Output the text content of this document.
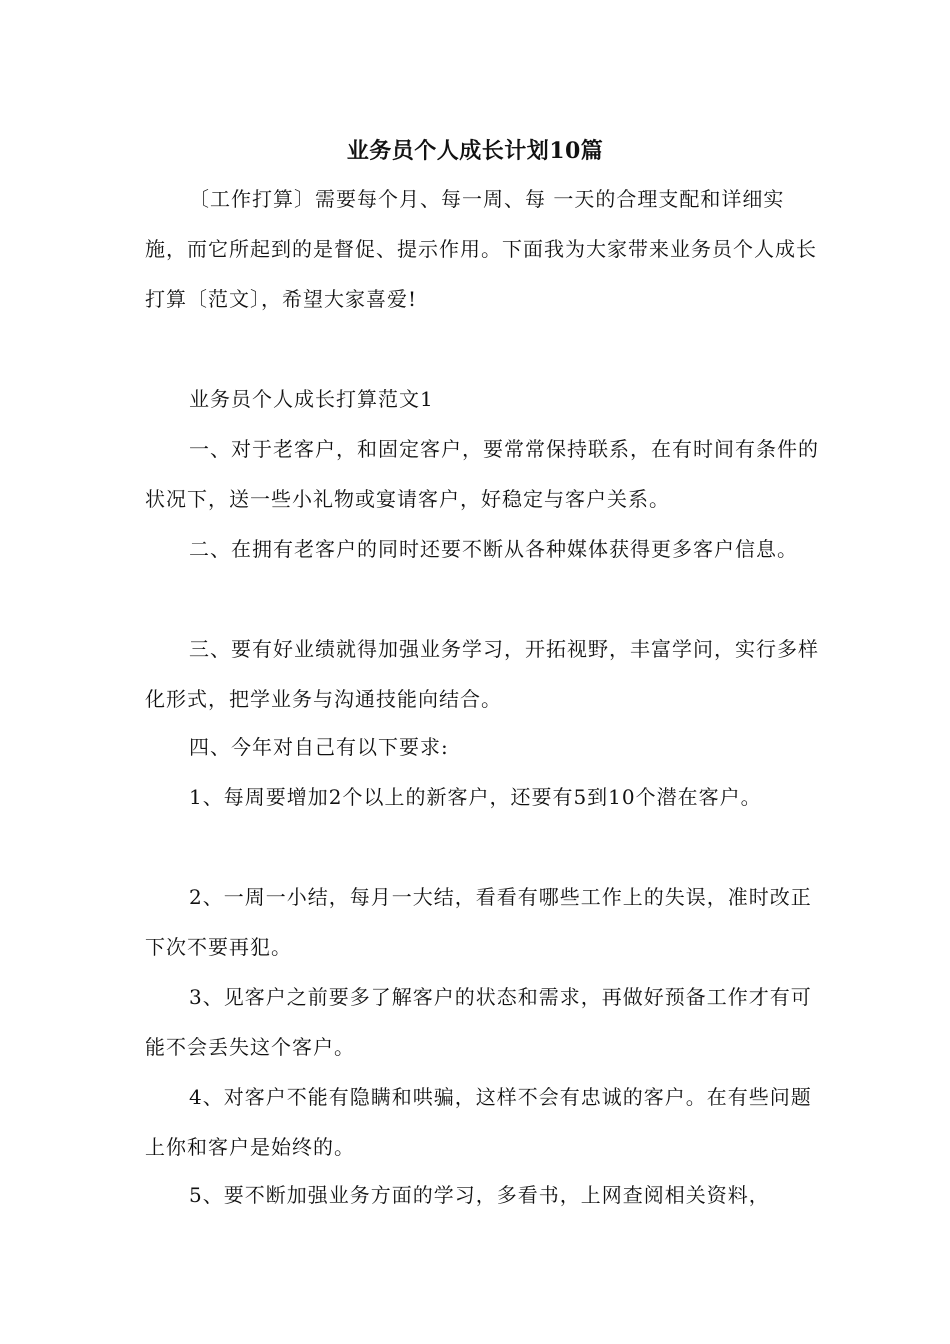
业务员个人成长计划10篇

〔工作打算〕需要每个月、每一周、每 一天的合理支配和详细实施，而它所起到的是督促、提示作用。下面我为大家带来业务员个人成长打算〔范文〕，希望大家喜爱!

业务员个人成长打算范文1

一、对于老客户，和固定客户，要常常保持联系，在有时间有条件的状况下，送一些小礼物或宴请客户，好稳定与客户关系。

二、在拥有老客户的同时还要不断从各种媒体获得更多客户信息。

三、要有好业绩就得加强业务学习，开拓视野，丰富学问，实行多样化形式，把学业务与沟通技能向结合。

四、今年对自己有以下要求:

1、每周要增加2个以上的新客户，还要有5到10个潜在客户。

2、一周一小结，每月一大结，看看有哪些工作上的失误，准时改正下次不要再犯。

3、见客户之前要多了解客户的状态和需求，再做好预备工作才有可能不会丢失这个客户。

4、对客户不能有隐瞒和哄骗，这样不会有忠诚的客户。在有些问题上你和客户是始终的。

5、要不断加强业务方面的学习，多看书，上网查阅相关资料，
